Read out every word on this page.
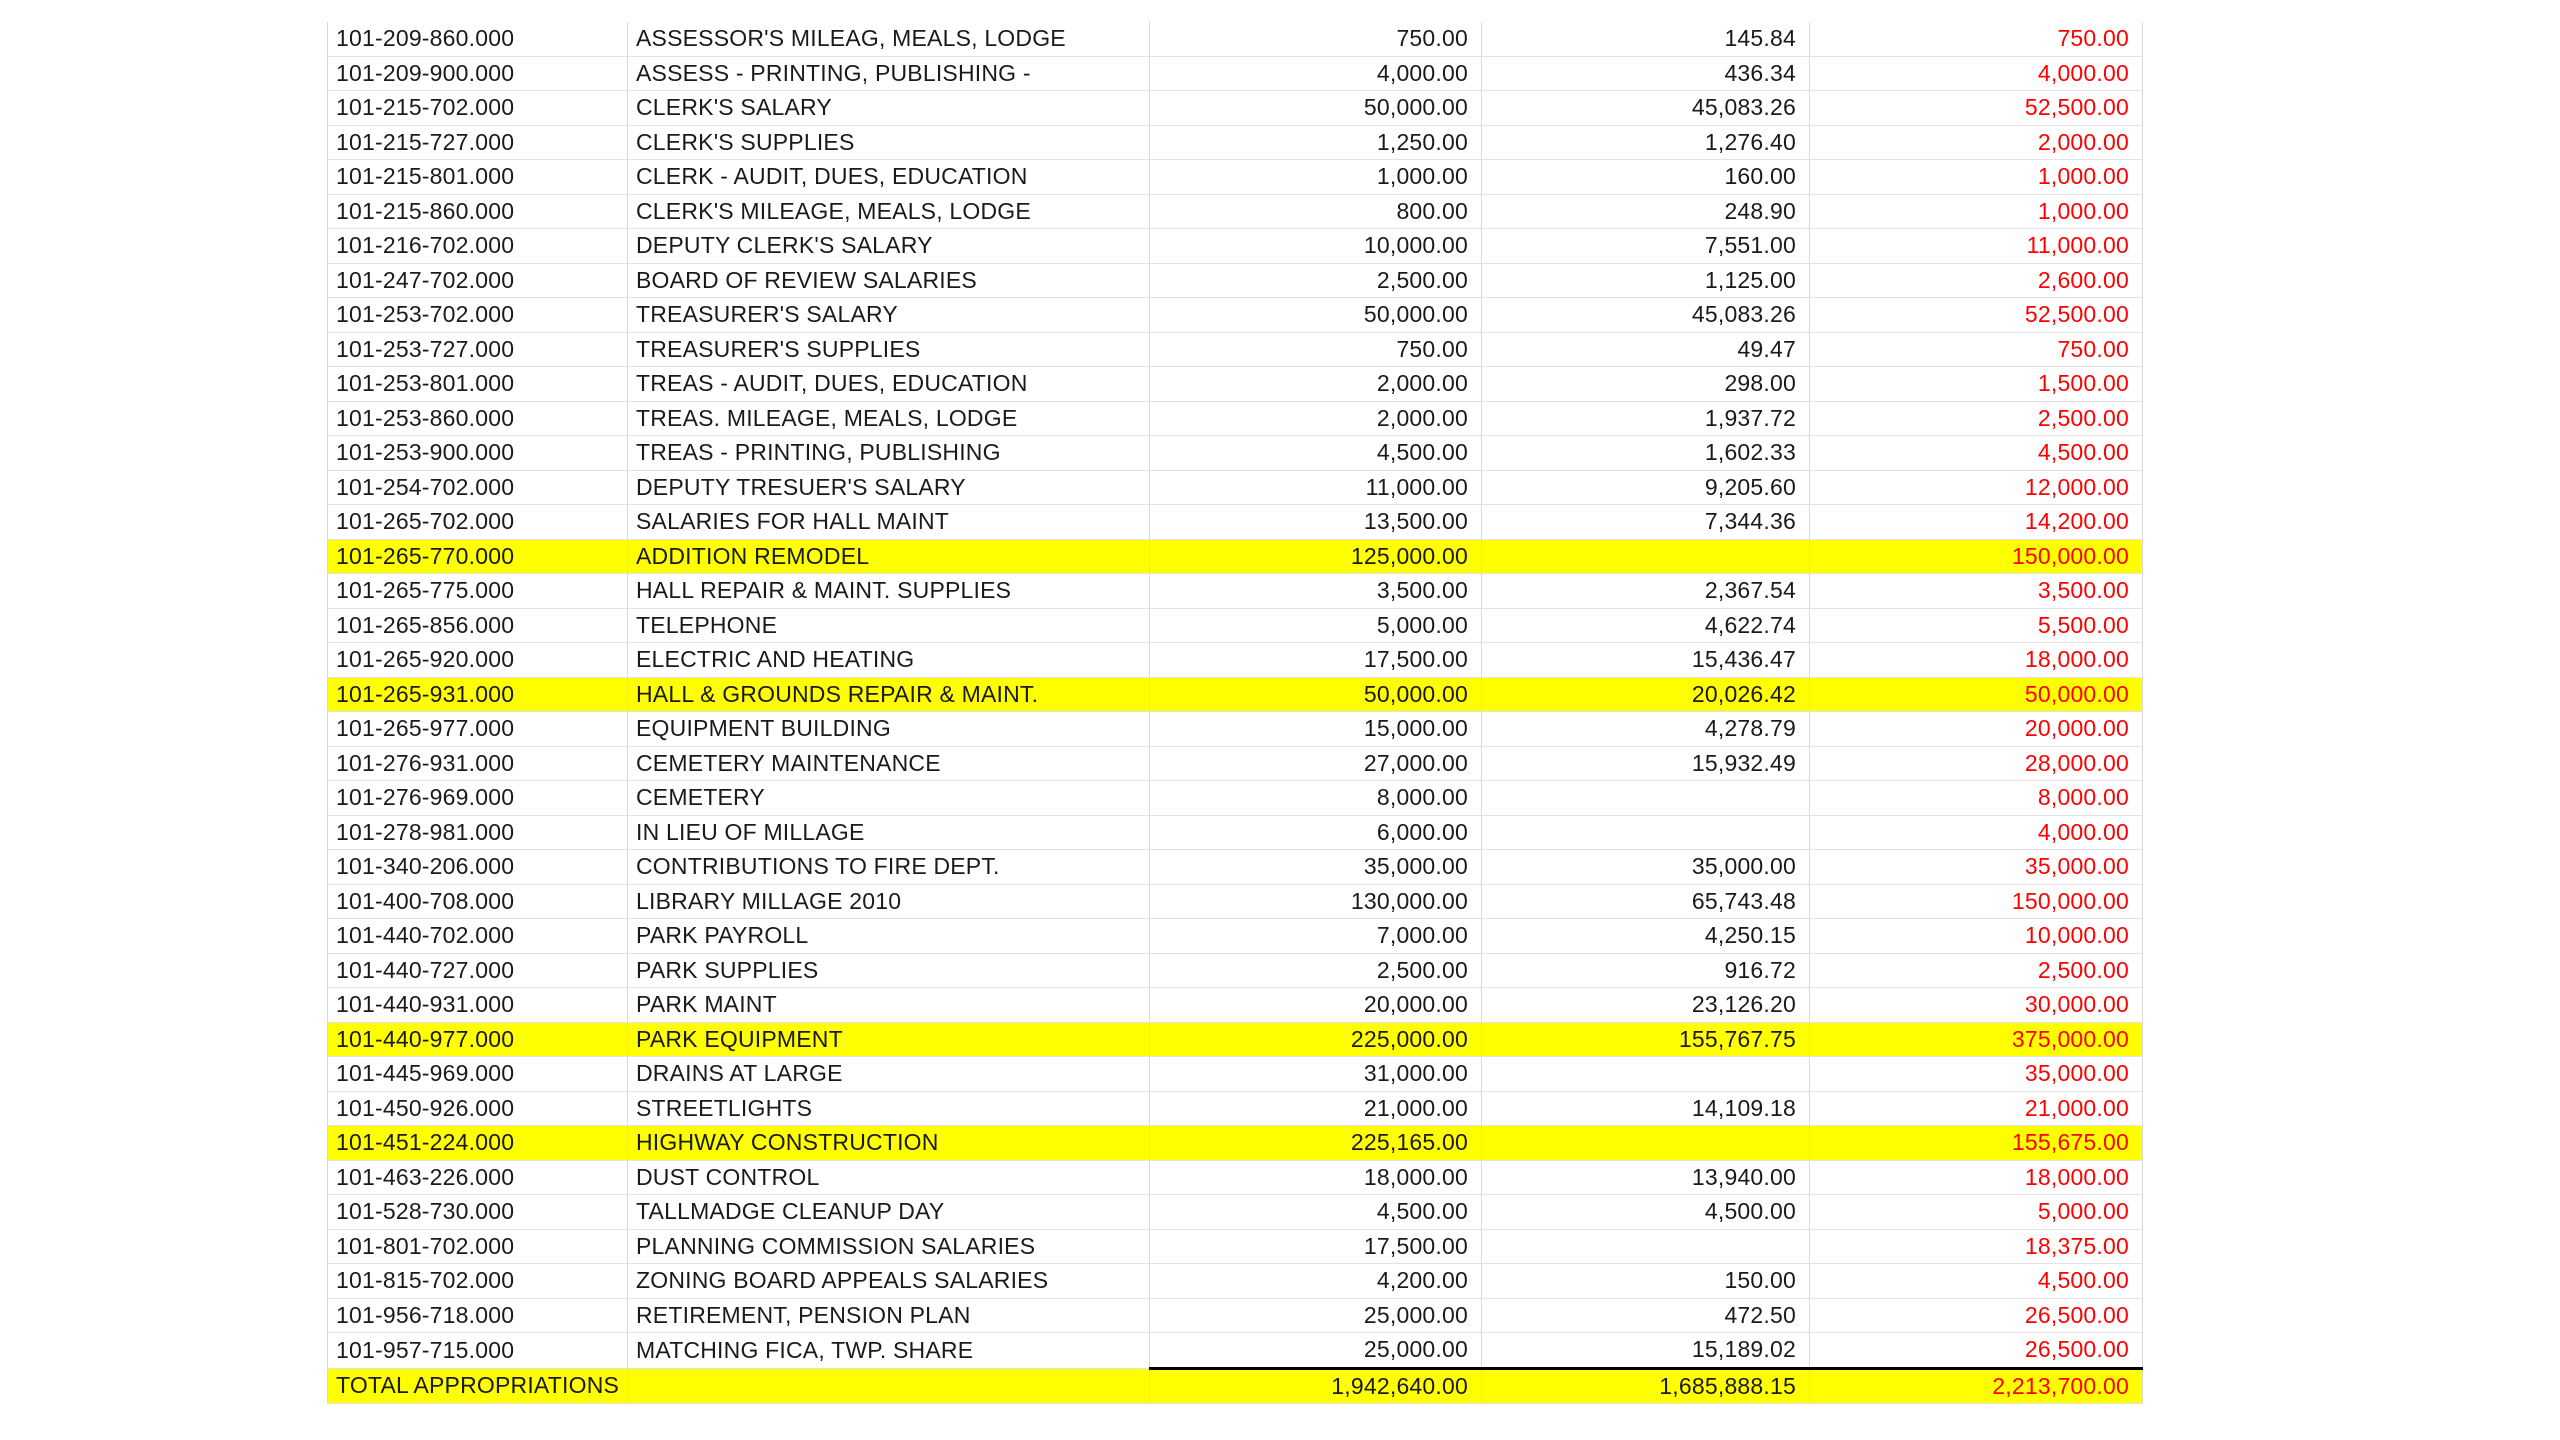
101-209-860.000	ASSESSOR'S MILEAG, MEALS, LODGE	750.00	145.84	750.00
101-209-900.000	ASSESS - PRINTING, PUBLISHING -	4,000.00	436.34	4,000.00
101-215-702.000	CLERK'S SALARY	50,000.00	45,083.26	52,500.00
101-215-727.000	CLERK'S SUPPLIES	1,250.00	1,276.40	2,000.00
101-215-801.000	CLERK - AUDIT, DUES, EDUCATION	1,000.00	160.00	1,000.00
101-215-860.000	CLERK'S MILEAGE, MEALS, LODGE	800.00	248.90	1,000.00
101-216-702.000	DEPUTY CLERK'S SALARY	10,000.00	7,551.00	11,000.00
101-247-702.000	BOARD OF REVIEW SALARIES	2,500.00	1,125.00	2,600.00
101-253-702.000	TREASURER'S SALARY	50,000.00	45,083.26	52,500.00
101-253-727.000	TREASURER'S SUPPLIES	750.00	49.47	750.00
101-253-801.000	TREAS - AUDIT, DUES, EDUCATION	2,000.00	298.00	1,500.00
101-253-860.000	TREAS. MILEAGE, MEALS, LODGE	2,000.00	1,937.72	2,500.00
101-253-900.000	TREAS - PRINTING, PUBLISHING	4,500.00	1,602.33	4,500.00
101-254-702.000	DEPUTY TRESUER'S SALARY	11,000.00	9,205.60	12,000.00
101-265-702.000	SALARIES FOR HALL MAINT	13,500.00	7,344.36	14,200.00
101-265-770.000	ADDITION REMODEL	125,000.00		150,000.00
101-265-775.000	HALL REPAIR & MAINT. SUPPLIES	3,500.00	2,367.54	3,500.00
101-265-856.000	TELEPHONE	5,000.00	4,622.74	5,500.00
101-265-920.000	ELECTRIC AND HEATING	17,500.00	15,436.47	18,000.00
101-265-931.000	HALL & GROUNDS REPAIR & MAINT.	50,000.00	20,026.42	50,000.00
101-265-977.000	EQUIPMENT BUILDING	15,000.00	4,278.79	20,000.00
101-276-931.000	CEMETERY MAINTENANCE	27,000.00	15,932.49	28,000.00
101-276-969.000	CEMETERY	8,000.00		8,000.00
101-278-981.000	IN LIEU OF MILLAGE	6,000.00		4,000.00
101-340-206.000	CONTRIBUTIONS TO FIRE DEPT.	35,000.00	35,000.00	35,000.00
101-400-708.000	LIBRARY MILLAGE 2010	130,000.00	65,743.48	150,000.00
101-440-702.000	PARK PAYROLL	7,000.00	4,250.15	10,000.00
101-440-727.000	PARK SUPPLIES	2,500.00	916.72	2,500.00
101-440-931.000	PARK MAINT	20,000.00	23,126.20	30,000.00
101-440-977.000	PARK EQUIPMENT	225,000.00	155,767.75	375,000.00
101-445-969.000	DRAINS AT LARGE	31,000.00		35,000.00
101-450-926.000	STREETLIGHTS	21,000.00	14,109.18	21,000.00
101-451-224.000	HIGHWAY CONSTRUCTION	225,165.00		155,675.00
101-463-226.000	DUST CONTROL	18,000.00	13,940.00	18,000.00
101-528-730.000	TALLMADGE CLEANUP DAY	4,500.00	4,500.00	5,000.00
101-801-702.000	PLANNING COMMISSION SALARIES	17,500.00		18,375.00
101-815-702.000	ZONING BOARD APPEALS SALARIES	4,200.00	150.00	4,500.00
101-956-718.000	RETIREMENT, PENSION PLAN	25,000.00	472.50	26,500.00
101-957-715.000	MATCHING FICA, TWP. SHARE	25,000.00	15,189.02	26,500.00
TOTAL APPROPRIATIONS		1,942,640.00	1,685,888.15	2,213,700.00
